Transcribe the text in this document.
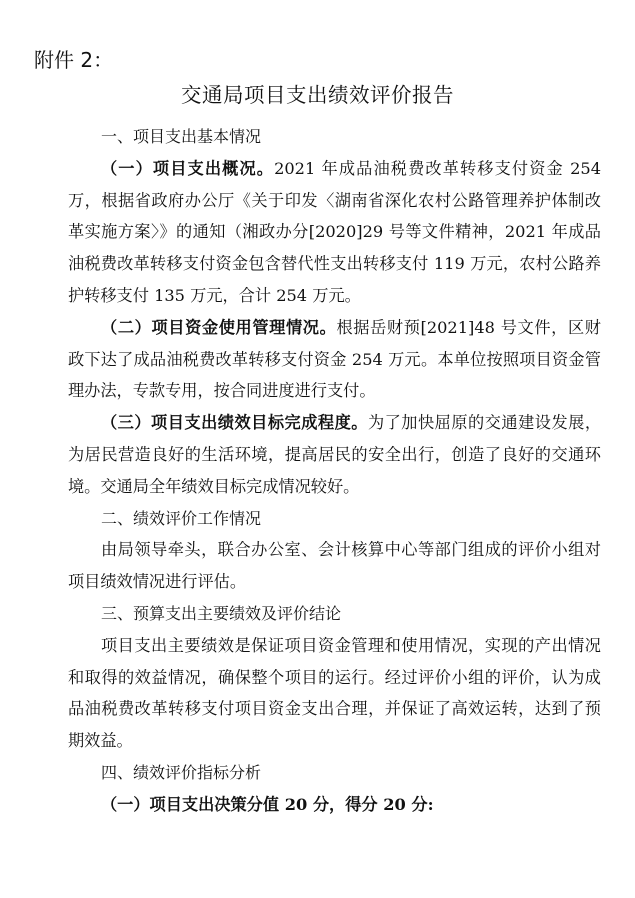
附件 2：
交通局项目支出绩效评价报告

一、项目支出基本情况

（一）项目支出概况。2021 年成品油税费改革转移支付资金 254 万，根据省政府办公厅《关于印发〈湖南省深化农村公路管理养护体制改革实施方案〉》的通知（湘政办分[2020]29 号等文件精神，2021 年成品油税费改革转移支付资金包含替代性支出转移支付 119 万元，农村公路养护转移支付 135 万元，合计 254 万元。

（二）项目资金使用管理情况。根据岳财预[2021]48 号文件，区财政下达了成品油税费改革转移支付资金 254 万元。本单位按照项目资金管理办法，专款专用，按合同进度进行支付。

（三）项目支出绩效目标完成程度。为了加快屈原的交通建设发展，为居民营造良好的生活环境，提高居民的安全出行，创造了良好的交通环境。交通局全年绩效目标完成情况较好。

二、绩效评价工作情况

由局领导牵头，联合办公室、会计核算中心等部门组成的评价小组对项目绩效情况进行评估。

三、预算支出主要绩效及评价结论

项目支出主要绩效是保证项目资金管理和使用情况，实现的产出情况和取得的效益情况，确保整个项目的运行。经过评价小组的评价，认为成品油税费改革转移支付项目资金支出合理，并保证了高效运转，达到了预期效益。

四、绩效评价指标分析

（一）项目支出决策分值 20 分，得分 20 分:
